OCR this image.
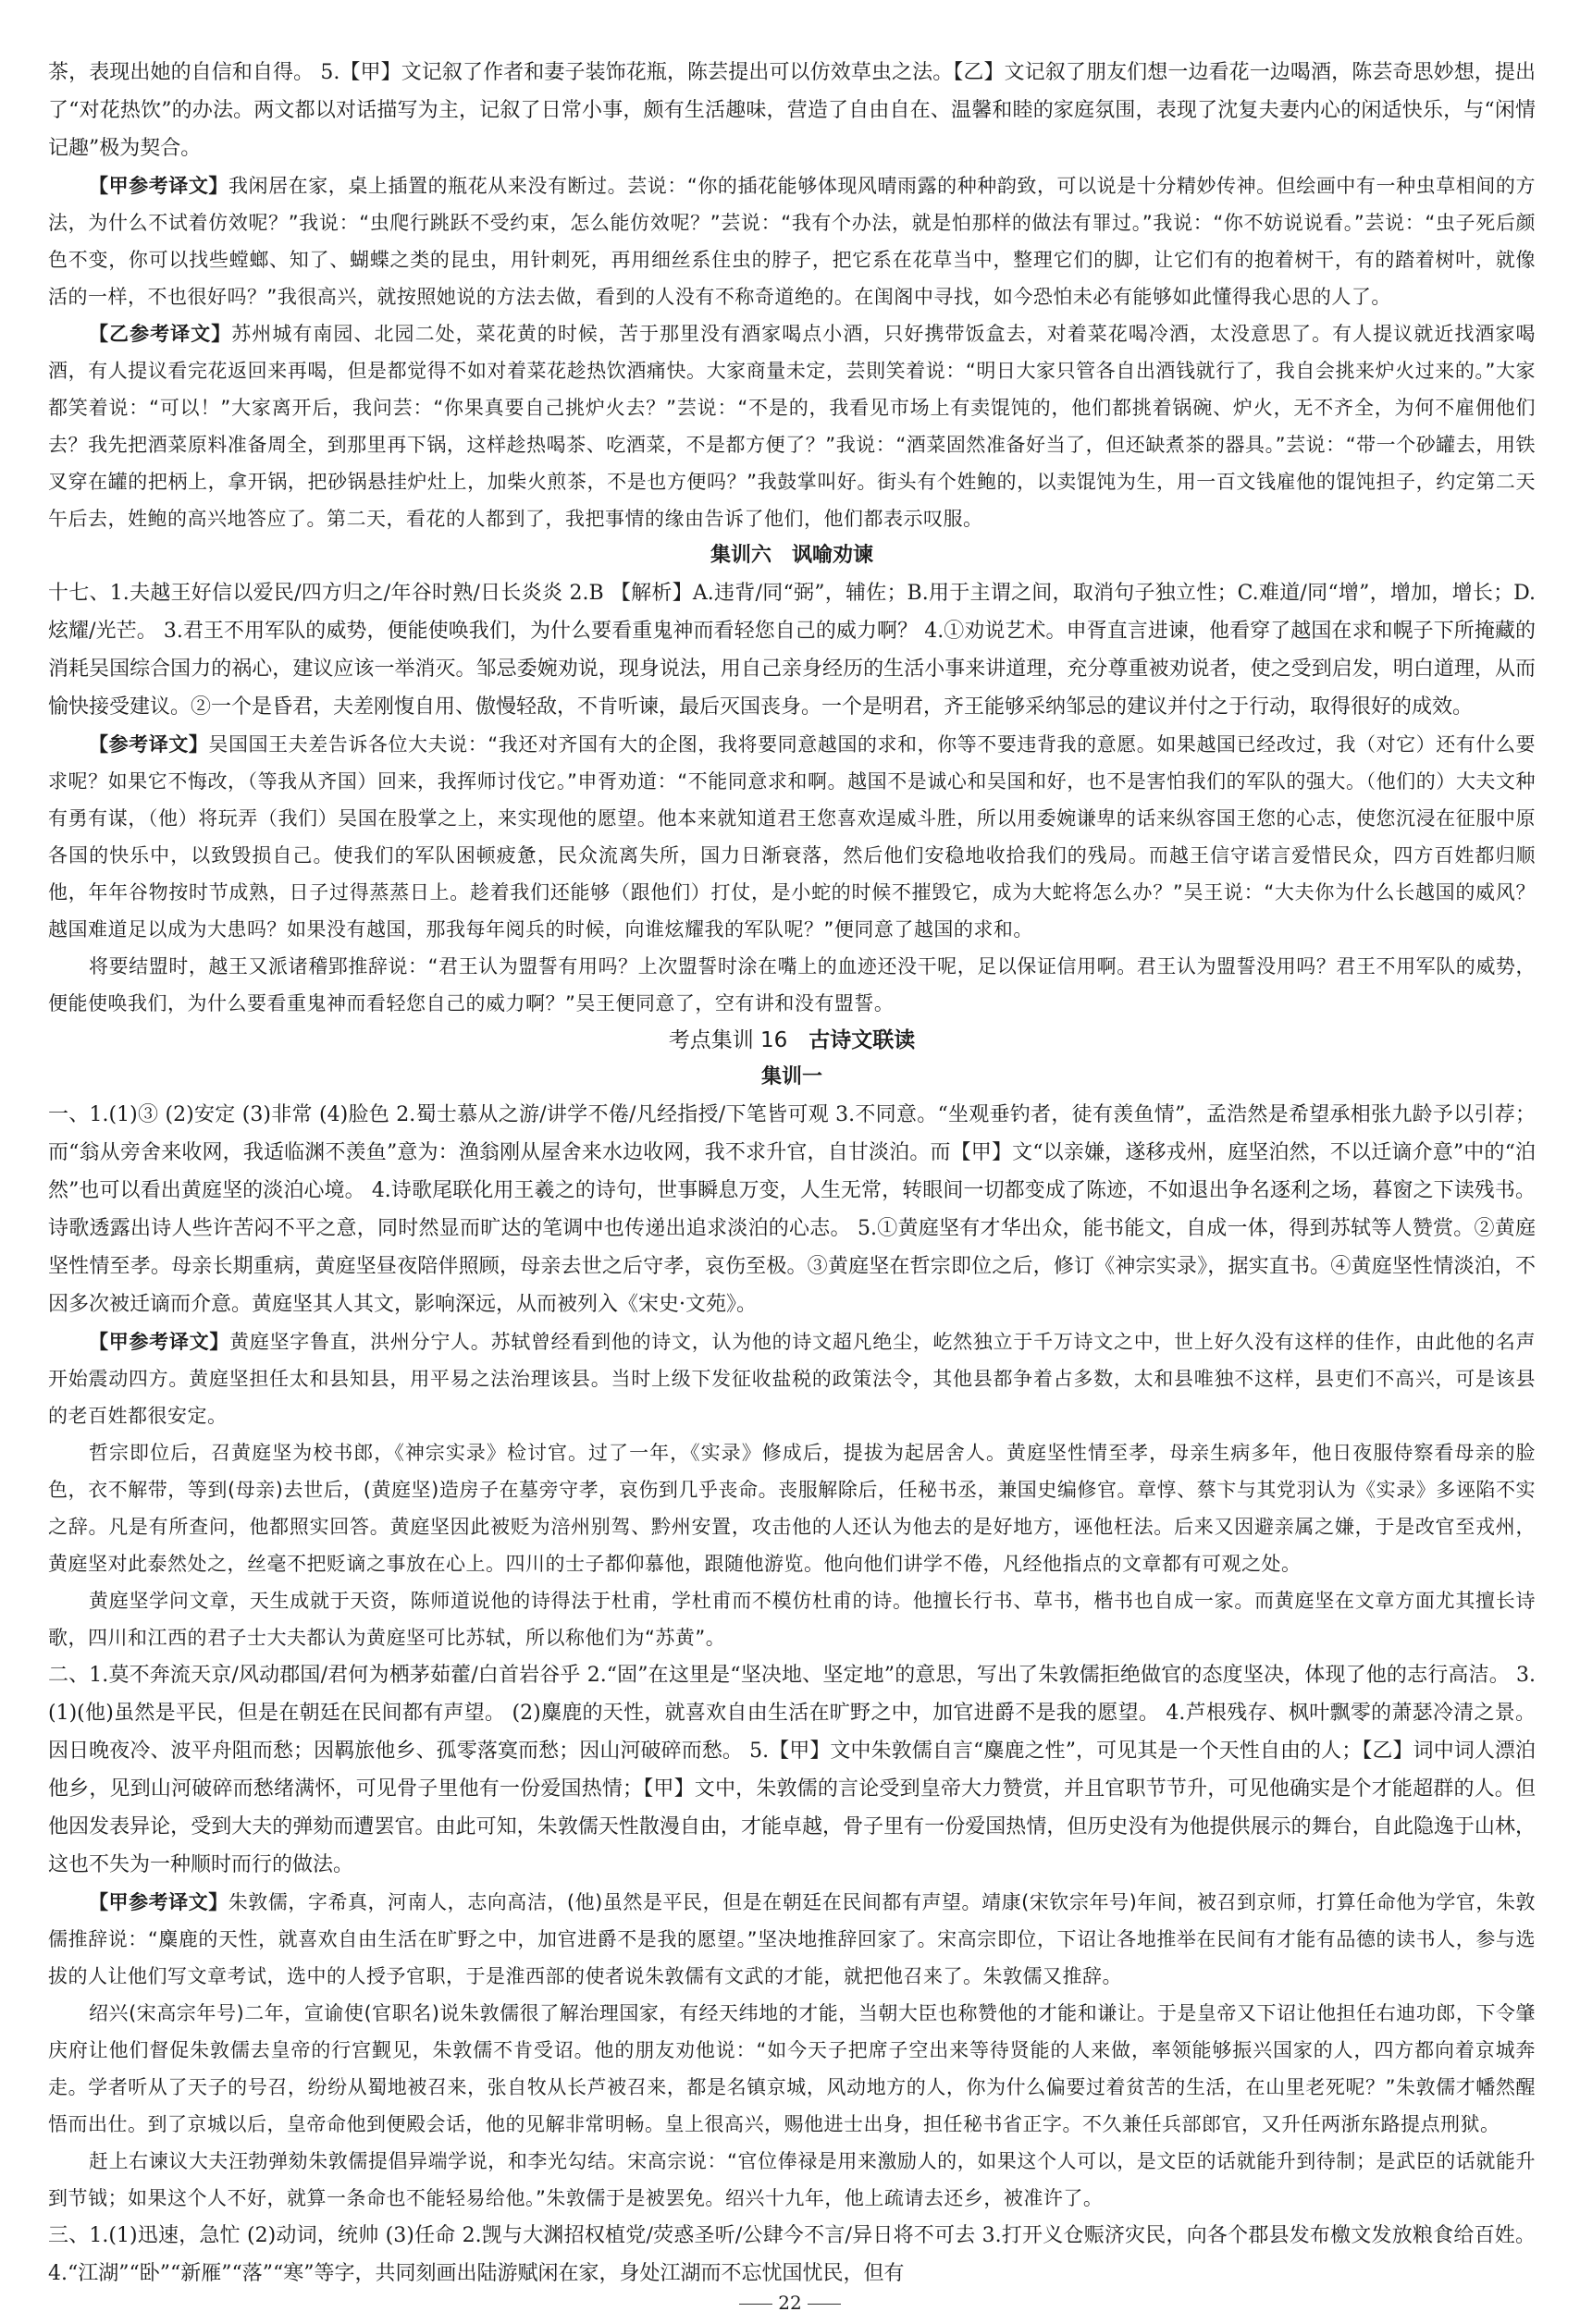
茶，表现出她的自信和自得。 5.【甲】文记叙了作者和妻子装饰花瓶，陈芸提出可以仿效草虫之法。【乙】文记叙了朋友们想一边看花一边喝酒，陈芸奇思妙想，提出了“对花热饮”的办法。两文都以对话描写为主，记叙了日常小事，颇有生活趣味，营造了自由自在、温馨和睦的家庭氛围，表现了沈复夫妻内心的闲适快乐，与“闲情记趣”极为契合。

【甲参考译文】我闲居在家，桌上插置的瓶花从来没有断过。芸说：“你的插花能够体现风晴雨露的种种韵致，可以说是十分精妙传神。但绘画中有一种虫草相间的方法，为什么不试着仿效呢？”我说：“虫爬行跳跃不受约束，怎么能仿效呢？”芸说：“我有个办法，就是怕那样的做法有罪过。”我说：“你不妨说说看。”芸说：“虫子死后颜色不变，你可以找些螳螂、知了、蝴蝶之类的昆虫，用针刺死，再用细丝系住虫的脖子，把它系在花草当中，整理它们的脚，让它们有的抱着树干，有的踏着树叶，就像活的一样，不也很好吗？”我很高兴，就按照她说的方法去做，看到的人没有不称奇道绝的。在闺阁中寻找，如今恐怕未必有能够如此懂得我心思的人了。

【乙参考译文】苏州城有南园、北园二处，菜花黄的时候，苦于那里没有酒家喝点小酒，只好携带饭盒去，对着菜花喝冷酒，太没意思了。有人提议就近找酒家喝酒，有人提议看完花返回来再喝，但是都觉得不如对着菜花趁热饮酒痛快。大家商量未定，芸則笑着说：“明日大家只管各自出酒钱就行了，我自会挑来炉火过来的。”大家都笑着说：“可以！”大家离开后，我问芸：“你果真要自己挑炉火去？”芸说：“不是的，我看见市场上有卖馄饨的，他们都挑着锅碗、炉火，无不齐全，为何不雇佣他们去？我先把酒菜原料准备周全，到那里再下锅，这样趁热喝茶、吃酒菜，不是都方便了？”我说：“酒菜固然准备好当了，但还缺煮茶的器具。”芸说：“带一个砂罐去，用铁叉穿在罐的把柄上，拿开锅，把砂锅悬挂炉灶上，加柴火煎茶，不是也方便吗？”我鼓掌叫好。街头有个姓鲍的，以卖馄饨为生，用一百文钱雇他的馄饨担子，约定第二天午后去，姓鲍的高兴地答应了。第二天，看花的人都到了，我把事情的缘由告诉了他们，他们都表示叹服。

集训六　讽喻劝谏

十七、1.夫越王好信以爱民/四方归之/年谷时熟/日长炎炎 2.B 【解析】A.违背/同“弼”，辅佐；B.用于主谓之间，取消句子独立性；C.难道/同“增”，增加，增长；D.炫耀/光芒。 3.君王不用军队的威势，便能使唤我们，为什么要看重鬼神而看轻您自己的威力啊？ 4.①劝说艺术。申胥直言进谏，他看穿了越国在求和幌子下所掩藏的消耗吴国综合国力的祸心，建议应该一举消灭。邹忌委婉劝说，现身说法，用自己亲身经历的生活小事来讲道理，充分尊重被劝说者，使之受到启发，明白道理，从而愉快接受建议。②一个是昏君，夫差刚愎自用、傲慢轻敌，不肯听谏，最后灭国丧身。一个是明君，齐王能够采纳邹忌的建议并付之于行动，取得很好的成效。

【参考译文】吴国国王夫差告诉各位大夫说：“我还对齐国有大的企图，我将要同意越国的求和，你等不要违背我的意愿。如果越国已经改过，我（对它）还有什么要求呢？如果它不悔改，（等我从齐国）回来，我挥师讨伐它。”申胥劝道：“不能同意求和啊。越国不是诚心和吴国和好，也不是害怕我们的军队的强大。（他们的）大夫文种有勇有谋，（他）将玩弄（我们）吴国在股掌之上，来实现他的愿望。他本来就知道君王您喜欢逞威斗胜，所以用委婉谦卑的话来纵容国王您的心志，使您沉浸在征服中原各国的快乐中，以致毁损自己。使我们的军队困顿疲惫，民众流离失所，国力日渐衰落，然后他们安稳地收拾我们的残局。而越王信守诺言爱惜民众，四方百姓都归顺他，年年谷物按时节成熟，日子过得蒸蒸日上。趁着我们还能够（跟他们）打仗，是小蛇的时候不摧毁它，成为大蛇将怎么办？”吴王说：“大夫你为什么长越国的威风？越国难道足以成为大患吗？如果没有越国，那我每年阅兵的时候，向谁炫耀我的军队呢？”便同意了越国的求和。

将要结盟时，越王又派诸稽郢推辞说：“君王认为盟誓有用吗？上次盟誓时涂在嘴上的血迹还没干呢，足以保证信用啊。君王认为盟誓没用吗？君王不用军队的威势，便能使唤我们，为什么要看重鬼神而看轻您自己的威力啊？”吴王便同意了，空有讲和没有盟誓。

考点集训 16　古诗文联读

集训一

一、1.(1)③ (2)安定 (3)非常 (4)脸色 2.蜀士慕从之游/讲学不倦/凡经指授/下笔皆可观 3.不同意。“坐观垂钓者，徒有羡鱼情”，孟浩然是希望承相张九龄予以引荐；而“翁从旁舍来收网，我适临渊不羡鱼”意为：渔翁刚从屋舍来水边收网，我不求升官，自甘淡泊。而【甲】文“以亲嫌，遂移戎州，庭坚泊然，不以迁谪介意”中的“泊然”也可以看出黄庭坚的淡泊心境。 4.诗歌尾联化用王羲之的诗句，世事瞬息万变，人生无常，转眼间一切都变成了陈迹，不如退出争名逐利之场，暮窗之下读残书。诗歌透露出诗人些许苦闷不平之意，同时然显而旷达的笔调中也传递出追求淡泊的心志。 5.①黄庭坚有才华出众，能书能文，自成一体，得到苏轼等人赞赏。②黄庭坚性情至孝。母亲长期重病，黄庭坚昼夜陪伴照顾，母亲去世之后守孝，哀伤至极。③黄庭坚在哲宗即位之后，修订《神宗实录》，据实直书。④黄庭坚性情淡泊，不因多次被迁谪而介意。黄庭坚其人其文，影响深远，从而被列入《宋史·文苑》。

【甲参考译文】黄庭坚字鲁直，洪州分宁人。苏轼曾经看到他的诗文，认为他的诗文超凡绝尘，屹然独立于千万诗文之中，世上好久没有这样的佳作，由此他的名声开始震动四方。黄庭坚担任太和县知县，用平易之法治理该县。当时上级下发征收盐税的政策法令，其他县都争着占多数，太和县唯独不这样，县吏们不高兴，可是该县的老百姓都很安定。

哲宗即位后，召黄庭坚为校书郎，《神宗实录》检讨官。过了一年，《实录》修成后，提拔为起居舍人。黄庭坚性情至孝，母亲生病多年，他日夜服侍察看母亲的脸色，衣不解带，等到(母亲)去世后，(黄庭坚)造房子在墓旁守孝，哀伤到几乎丧命。丧服解除后，任秘书丞，兼国史编修官。章惇、蔡卞与其党羽认为《实录》多诬陷不实之辞。凡是有所查问，他都照实回答。黄庭坚因此被贬为涪州别驾、黔州安置，攻击他的人还认为他去的是好地方，诬他枉法。后来又因避亲属之嫌，于是改官至戎州，黄庭坚对此泰然处之，丝毫不把贬谪之事放在心上。四川的士子都仰慕他，跟随他游览。他向他们讲学不倦，凡经他指点的文章都有可观之处。

黄庭坚学问文章，天生成就于天资，陈师道说他的诗得法于杜甫，学杜甫而不模仿杜甫的诗。他擅长行书、草书，楷书也自成一家。而黄庭坚在文章方面尤其擅长诗歌，四川和江西的君子士大夫都认为黄庭坚可比苏轼，所以称他们为“苏黄”。

二、1.莫不奔流天京/风动郡国/君何为栖茅茹藿/白首岩谷乎 2.“固”在这里是“坚决地、坚定地”的意思，写出了朱敦儒拒绝做官的态度坚决，体现了他的志行高洁。 3.(1)(他)虽然是平民，但是在朝廷在民间都有声望。 (2)麋鹿的天性，就喜欢自由生活在旷野之中，加官进爵不是我的愿望。 4.芦根残存、枫叶飘零的萧瑟冷清之景。因日晚夜冷、波平舟阻而愁；因羁旅他乡、孤零落寞而愁；因山河破碎而愁。 5.【甲】文中朱敦儒自言“麋鹿之性”，可见其是一个天性自由的人；【乙】词中词人漂泊他乡，见到山河破碎而愁绪满怀，可见骨子里他有一份爱国热情；【甲】文中，朱敦儒的言论受到皇帝大力赞赏，并且官职节节升，可见他确实是个才能超群的人。但他因发表异论，受到大夫的弹劾而遭罢官。由此可知，朱敦儒天性散漫自由，才能卓越，骨子里有一份爱国热情，但历史没有为他提供展示的舞台，自此隐逸于山林，这也不失为一种顺时而行的做法。

【甲参考译文】朱敦儒，字希真，河南人，志向高洁，(他)虽然是平民，但是在朝廷在民间都有声望。靖康(宋钦宗年号)年间，被召到京师，打算任命他为学官，朱敦儒推辞说：“麋鹿的天性，就喜欢自由生活在旷野之中，加官进爵不是我的愿望。”坚决地推辞回家了。宋高宗即位，下诏让各地推举在民间有才能有品德的读书人，参与选拔的人让他们写文章考试，选中的人授予官职，于是淮西部的使者说朱敦儒有文武的才能，就把他召来了。朱敦儒又推辞。

绍兴(宋高宗年号)二年，宣谕使(官职名)说朱敦儒很了解治理国家，有经天纬地的才能，当朝大臣也称赞他的才能和谦让。于是皇帝又下诏让他担任右迪功郎，下令肇庆府让他们督促朱敦儒去皇帝的行宫觐见，朱敦儒不肯受诏。他的朋友劝他说：“如今天子把席子空出来等待贤能的人来做，率领能够振兴国家的人，四方都向着京城奔走。学者听从了天子的号召，纷纷从蜀地被召来，张自牧从长芦被召来，都是名镇京城，风动地方的人，你为什么偏要过着贫苦的生活，在山里老死呢？”朱敦儒才幡然醒悟而出仕。到了京城以后，皇帝命他到便殿会话，他的见解非常明畅。皇上很高兴，赐他进士出身，担任秘书省正字。不久兼任兵部郎官，又升任两浙东路提点刑狱。

赶上右谏议大夫汪勃弹劾朱敦儒提倡异端学说，和李光勾结。宋高宗说：“官位俸禄是用来激励人的，如果这个人可以，是文臣的话就能升到待制；是武臣的话就能升到节钺；如果这个人不好，就算一条命也不能轻易给他。”朱敦儒于是被罢免。绍兴十九年，他上疏请去还乡，被准许了。

三、1.(1)迅速，急忙 (2)动词，统帅 (3)任命 2.觊与大渊招权植党/荧惑圣听/公肆今不言/异日将不可去 3.打开义仓赈济灾民，向各个郡县发布檄文发放粮食给百姓。 4.“江湖”“卧”“新雁”“落”“寒”等字，共同刻画出陆游赋闲在家，身处江湖而不忘忧国忧民，但有

22
